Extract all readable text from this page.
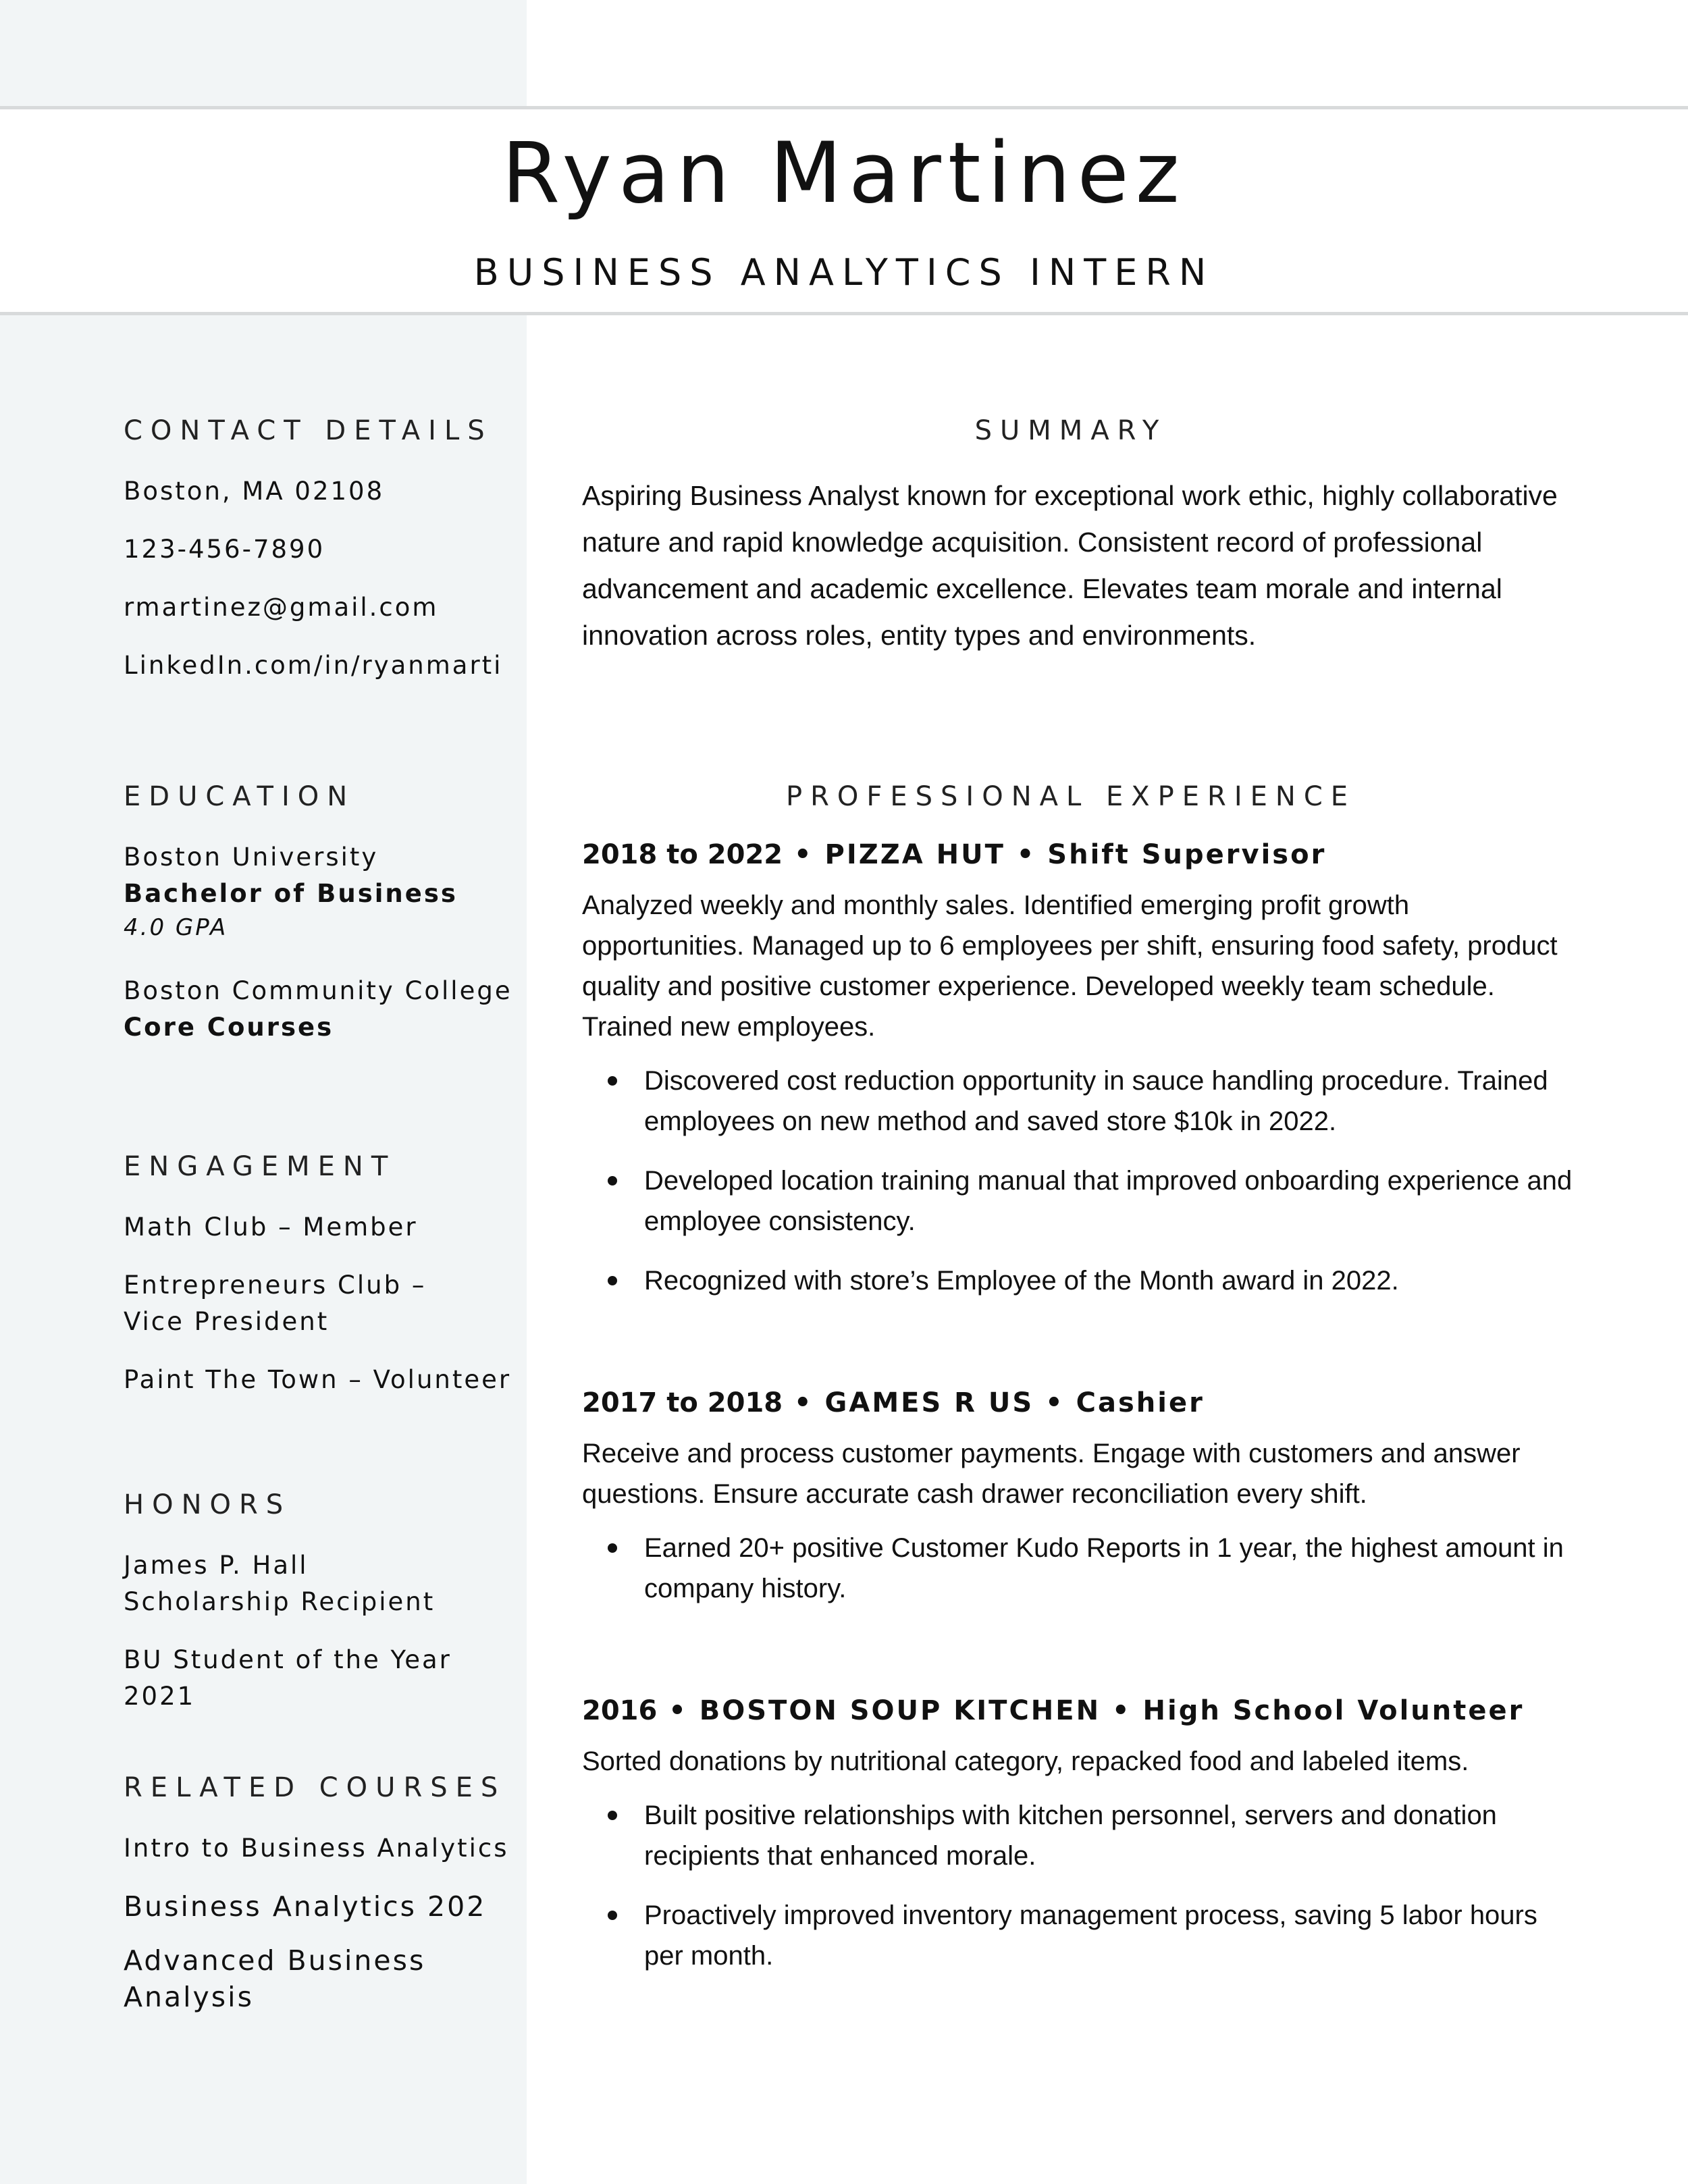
Ryan Martinez
BUSINESS ANALYTICS INTERN
CONTACT DETAILS
Boston, MA 02108
123-456-7890
rmartinez@gmail.com
LinkedIn.com/in/ryanmarti
EDUCATION
Boston University
Bachelor of Business
4.0 GPA
Boston Community College
Core Courses
ENGAGEMENT
Math Club – Member
Entrepreneurs Club – Vice President
Paint The Town – Volunteer
HONORS
James P. Hall Scholarship Recipient
BU Student of the Year 2021
RELATED COURSES
Intro to Business Analytics
Business Analytics 202
Advanced Business Analysis
SUMMARY
Aspiring Business Analyst known for exceptional work ethic, highly collaborative nature and rapid knowledge acquisition. Consistent record of professional advancement and academic excellence. Elevates team morale and internal innovation across roles, entity types and environments.
PROFESSIONAL EXPERIENCE
2018 to 2022 • PIZZA HUT • Shift Supervisor
Analyzed weekly and monthly sales. Identified emerging profit growth opportunities. Managed up to 6 employees per shift, ensuring food safety, product quality and positive customer experience. Developed weekly team schedule. Trained new employees.
Discovered cost reduction opportunity in sauce handling procedure. Trained employees on new method and saved store $10k in 2022.
Developed location training manual that improved onboarding experience and employee consistency.
Recognized with store’s Employee of the Month award in 2022.
2017 to 2018 • GAMES R US • Cashier
Receive and process customer payments. Engage with customers and answer questions. Ensure accurate cash drawer reconciliation every shift.
Earned 20+ positive Customer Kudo Reports in 1 year, the highest amount in company history.
2016 • BOSTON SOUP KITCHEN • High School Volunteer
Sorted donations by nutritional category, repacked food and labeled items.
Built positive relationships with kitchen personnel, servers and donation recipients that enhanced morale.
Proactively improved inventory management process, saving 5 labor hours per month.
